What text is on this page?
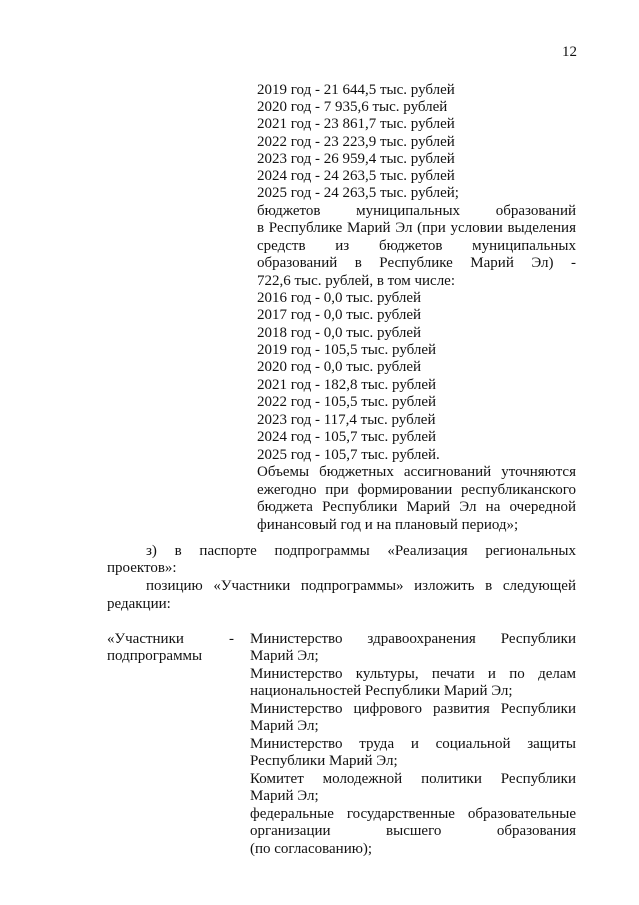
12
2019 год - 21 644,5 тыс. рублей
2020 год - 7 935,6 тыс. рублей
2021 год - 23 861,7 тыс. рублей
2022 год - 23 223,9 тыс. рублей
2023 год - 26 959,4 тыс. рублей
2024 год - 24 263,5 тыс. рублей
2025 год - 24 263,5 тыс. рублей;
бюджетов муниципальных образований
в Республике Марий Эл (при условии выделения
средств из бюджетов муниципальных
образований в Республике Марий Эл) -
722,6 тыс. рублей, в том числе:
2016 год - 0,0 тыс. рублей
2017 год - 0,0 тыс. рублей
2018 год - 0,0 тыс. рублей
2019 год - 105,5 тыс. рублей
2020 год - 0,0 тыс. рублей
2021 год - 182,8 тыс. рублей
2022 год - 105,5 тыс. рублей
2023 год - 117,4 тыс. рублей
2024 год - 105,7 тыс. рублей
2025 год - 105,7 тыс. рублей.
Объемы бюджетных ассигнований уточняются
ежегодно при формировании республиканского
бюджета Республики Марий Эл на очередной
финансовый год и на плановый период»;
з) в паспорте подпрограммы «Реализация региональных
проектов»:
позицию «Участники подпрограммы» изложить в следующей
редакции:
«Участники	-
подпрограммы
Министерство здравоохранения Республики
Марий Эл;
Министерство культуры, печати и по делам
национальностей Республики Марий Эл;
Министерство цифрового развития Республики
Марий Эл;
Министерство труда и социальной защиты
Республики Марий Эл;
Комитет молодежной политики Республики
Марий Эл;
федеральные государственные образовательные
организации высшего образования
(по согласованию);
